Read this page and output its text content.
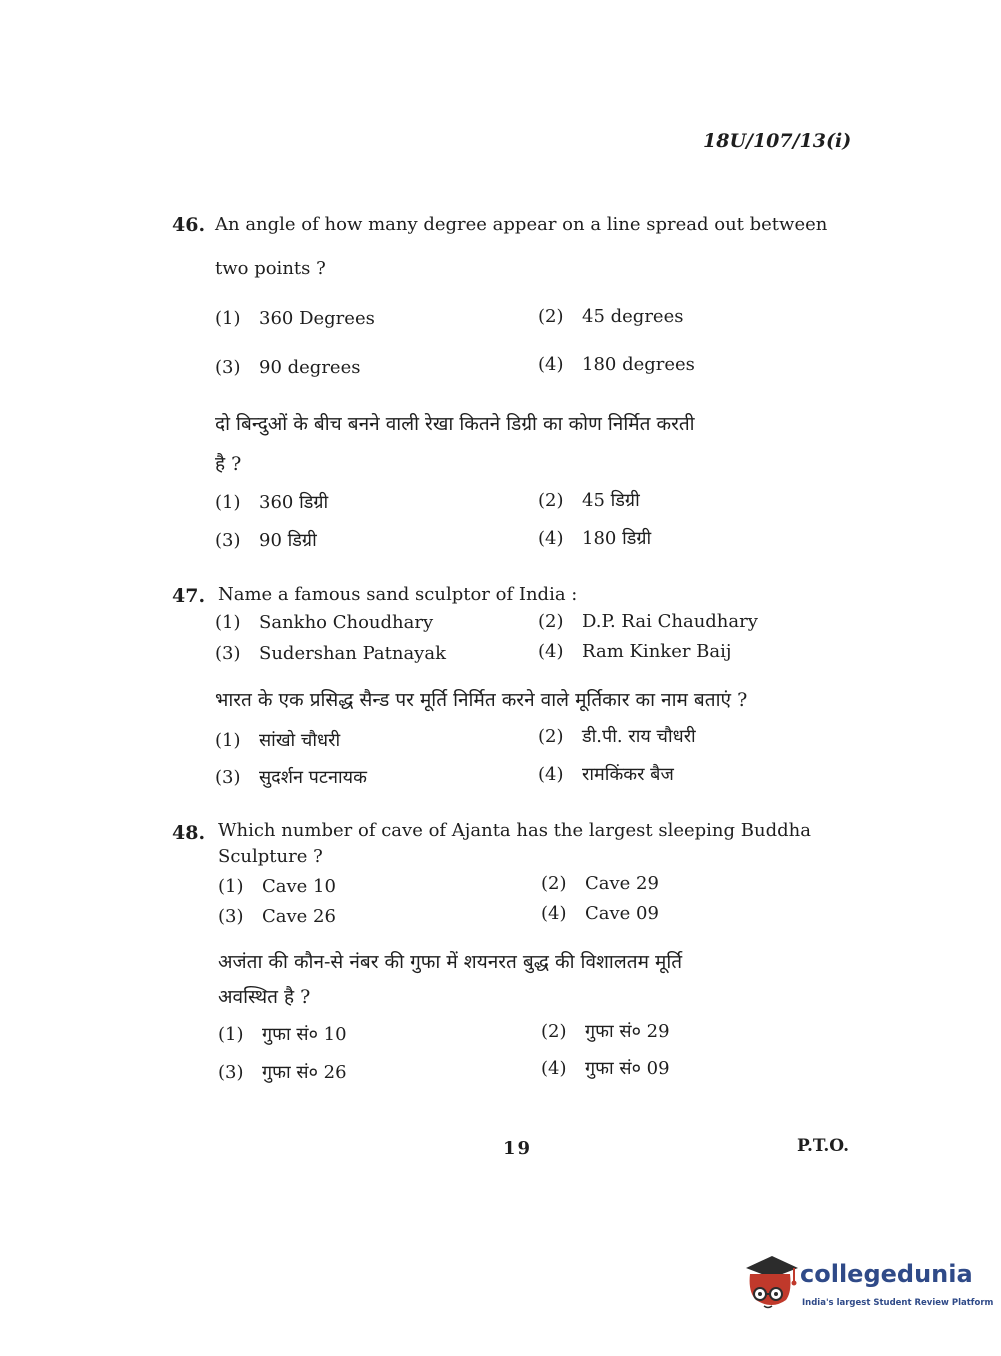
18U/107/13(i)
46. An angle of how many degree appear on a line spread out between
two points ?
(1) 360 Degrees	(2) 45 degrees
(3) 90 degrees	(4) 180 degrees
दो बिन्दुओं के बीच बनने वाली रेखा कितने डिग्री का कोण निर्मित करती
है ?
(1) 360 डिग्री	(2) 45 डिग्री
(3) 90 डिग्री	(4) 180 डिग्री
47. Name a famous sand sculptor of India :
(1) Sankho Choudhary	(2) D.P. Rai Chaudhary
(3) Sudershan Patnayak	(4) Ram Kinker Baij
भारत के एक प्रसिद्ध सैन्ड पर मूर्ति निर्मित करने वाले मूर्तिकार का नाम बताएं ?
(1) सांखो चौधरी	(2) डी.पी. राय चौधरी
(3) सुदर्शन पटनायक	(4) रामकिंकर बैज
48. Which number of cave of Ajanta has the largest sleeping Buddha
Sculpture ?
(1) Cave 10	(2) Cave 29
(3) Cave 26	(4) Cave 09
अजंता की कौन-से नंबर की गुफा में शयनरत बुद्ध की विशालतम मूर्ति
अवस्थित है ?
(1) गुफा सं० 10	(2) गुफा सं० 29
(3) गुफा सं० 26	(4) गुफा सं० 09
19	P.T.O.
collegedunia
India's largest Student Review Platform
